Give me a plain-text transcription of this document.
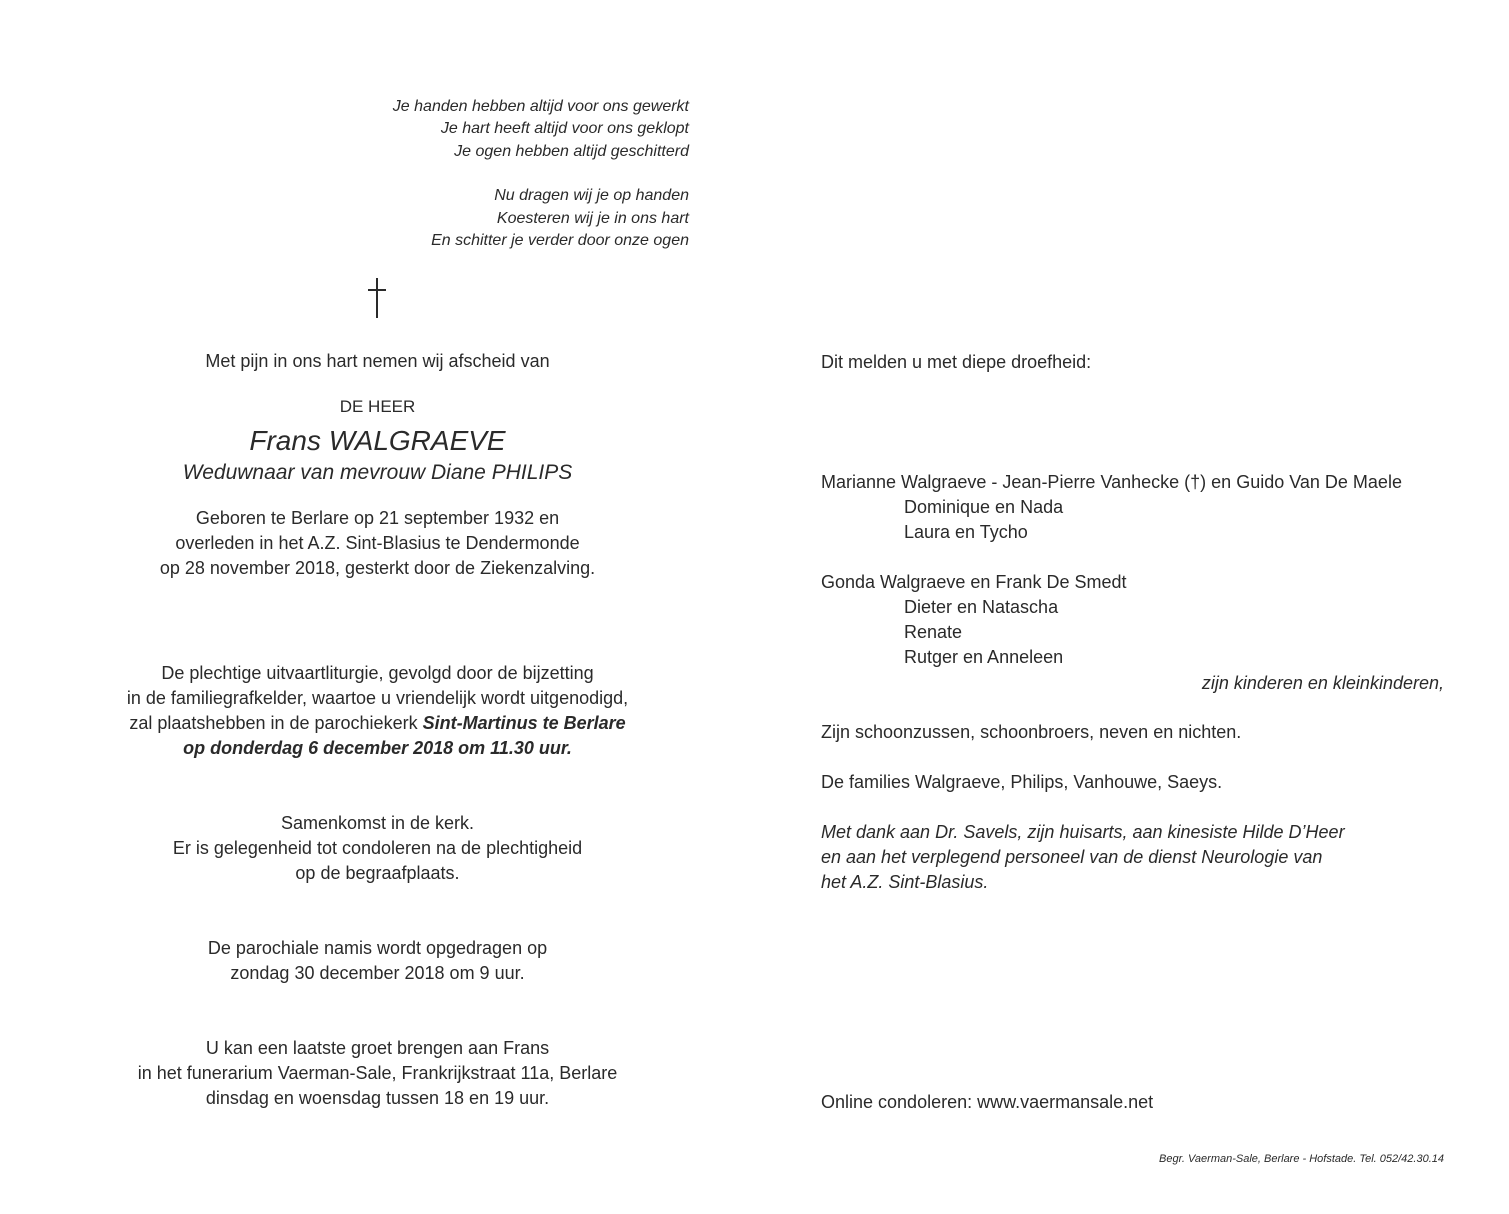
Je handen hebben altijd voor ons gewerkt
Je hart heeft altijd voor ons geklopt
Je ogen hebben altijd geschitterd
Nu dragen wij je op handen
Koesteren wij je in ons hart
En schitter je verder door onze ogen
Met pijn in ons hart nemen wij afscheid van
DE HEER
Frans WALGRAEVE
Weduwnaar van mevrouw Diane PHILIPS
Geboren te Berlare op 21 september 1932 en
overleden in het A.Z. Sint-Blasius te Dendermonde
op 28 november 2018, gesterkt door de Ziekenzalving.
De plechtige uitvaartliturgie, gevolgd door de bijzetting
in de familiegrafkelder, waartoe u vriendelijk wordt uitgenodigd,
zal plaatshebben in de parochiekerk Sint-Martinus te Berlare
op donderdag 6 december 2018 om 11.30 uur.
Samenkomst in de kerk.
Er is gelegenheid tot condoleren na de plechtigheid
op de begraafplaats.
De parochiale namis wordt opgedragen op
zondag 30 december 2018 om 9 uur.
U kan een laatste groet brengen aan Frans
in het funerarium Vaerman-Sale, Frankrijkstraat 11a, Berlare
dinsdag en woensdag tussen 18 en 19 uur.
Dit melden u met diepe droefheid:
Marianne Walgraeve - Jean-Pierre Vanhecke (†) en Guido Van De Maele
Dominique en Nada
Laura en Tycho
Gonda Walgraeve en Frank De Smedt
Dieter en Natascha
Renate
Rutger en Anneleen
zijn kinderen en kleinkinderen,
Zijn schoonzussen, schoonbroers, neven en nichten.
De families Walgraeve, Philips, Vanhouwe, Saeys.
Met dank aan Dr. Savels, zijn huisarts, aan kinesiste Hilde D’Heer
en aan het verplegend personeel van de dienst Neurologie van
het A.Z. Sint-Blasius.
Online condoleren: www.vaermansale.net
Begr. Vaerman-Sale, Berlare - Hofstade. Tel. 052/42.30.14
